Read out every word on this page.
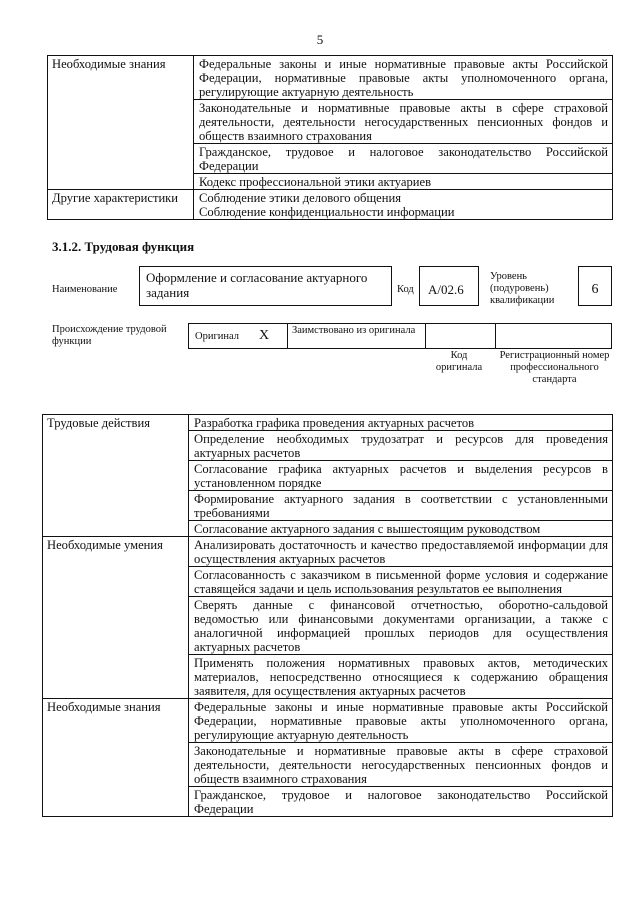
5
Необходимые знания	Федеральные законы и иные нормативные правовые акты Российской Федерации, нормативные правовые акты уполномоченного органа, регулирующие актуарную деятельность
	Законодательные и нормативные правовые акты в сфере страховой деятельности, деятельности негосударственных пенсионных фондов и обществ взаимного страхования
	Гражданское, трудовое и налоговое законодательство Российской Федерации
	Кодекс профессиональной этики актуариев
Другие характеристики	Соблюдение этики делового общения
Соблюдение конфиденциальности информации
3.1.2. Трудовая функция
Наименование
Оформление и согласование актуарного задания	Код	A/02.6
Уровень (подуровень) квалификации
6
Происхождение трудовой функции	Оригинал X Заимствовано из оригинала
Код оригинала
Регистрационный номер профессионального стандарта
Трудовые действия	Разработка графика проведения актуарных расчетов
	Определение необходимых трудозатрат и ресурсов для проведения актуарных расчетов
	Согласование графика актуарных расчетов и выделения ресурсов в установленном порядке
	Формирование актуарного задания в соответствии с установленными требованиями
	Согласование актуарного задания с вышестоящим руководством
Необходимые умения	Анализировать достаточность и качество предоставляемой информации для осуществления актуарных расчетов
	Согласованность с заказчиком в письменной форме условия и содержание ставящейся задачи и цель использования результатов ее выполнения
	Сверять данные с финансовой отчетностью, оборотно-сальдовой ведомостью или финансовыми документами организации, а также с аналогичной информацией прошлых периодов для осуществления актуарных расчетов
	Применять положения нормативных правовых актов, методических материалов, непосредственно относящиеся к содержанию обращения заявителя, для осуществления актуарных расчетов
Необходимые знания	Федеральные законы и иные нормативные правовые акты Российской Федерации, нормативные правовые акты уполномоченного органа, регулирующие актуарную деятельность
	Законодательные и нормативные правовые акты в сфере страховой деятельности, деятельности негосударственных пенсионных фондов и обществ взаимного страхования
	Гражданское, трудовое и налоговое законодательство Российской Федерации
